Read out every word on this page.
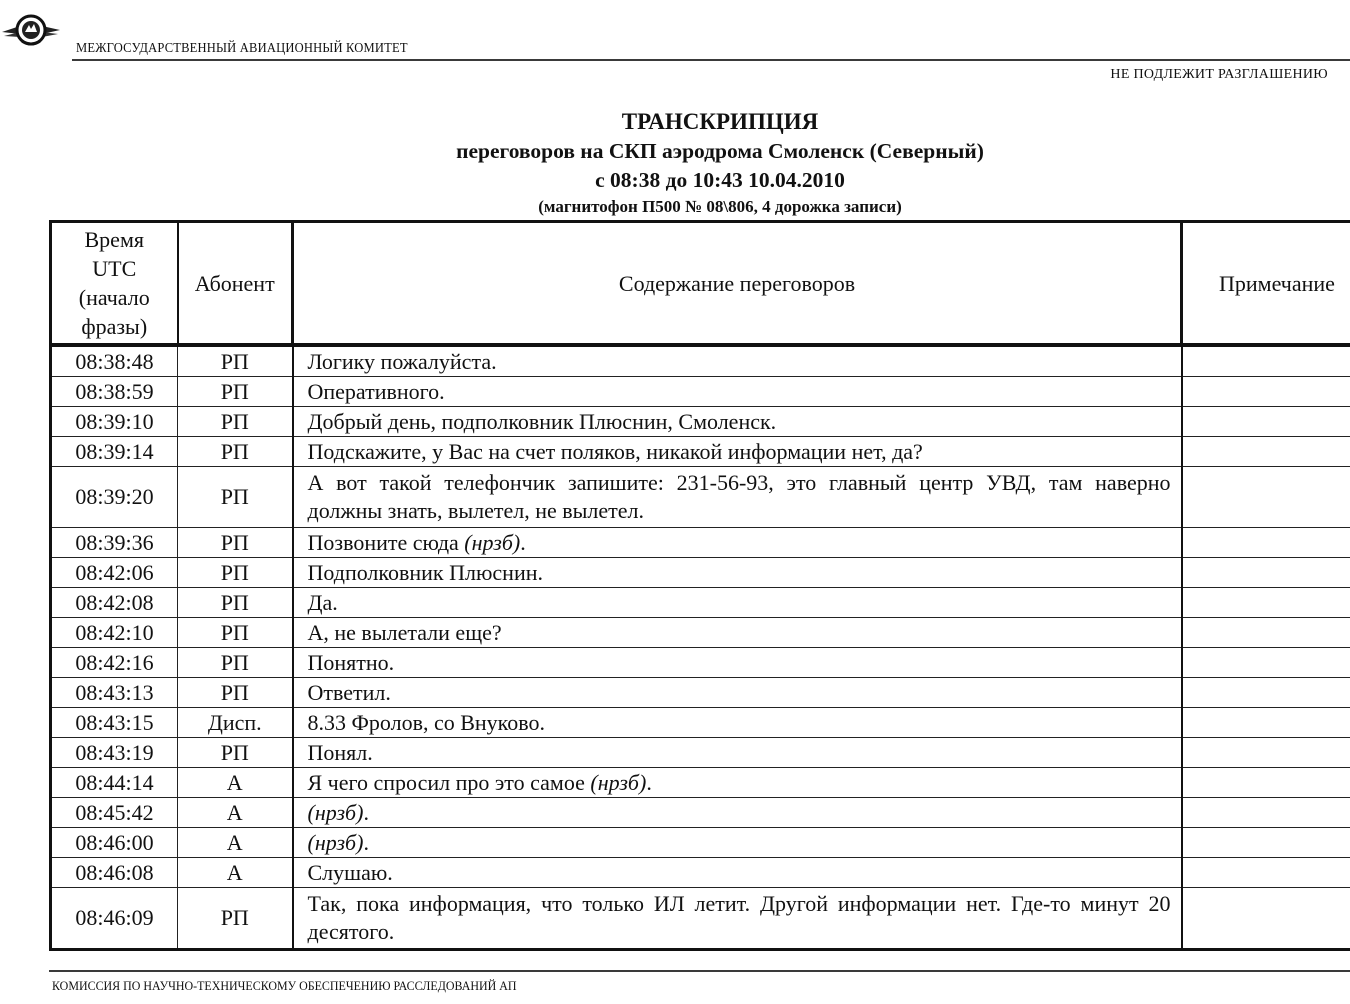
МЕЖГОСУДАРСТВЕННЫЙ АВИАЦИОННЫЙ КОМИТЕТ
НЕ ПОДЛЕЖИТ РАЗГЛАШЕНИЮ
ТРАНСКРИПЦИЯ
переговоров на СКП аэродрома Смоленск (Северный)
с 08:38 до 10:43 10.04.2010
(магнитофон П500 № 08\806, 4 дорожка записи)
Время
UTC
(начало
фразы)	Абонент	Содержание переговоров	Примечание
08:38:48	РП	Логику пожалуйста.	
08:38:59	РП	Оперативного.	
08:39:10	РП	Добрый день, подполковник Плюснин, Смоленск.	
08:39:14	РП	Подскажите, у Вас на счет поляков, никакой информации нет, да?	
08:39:20	РП	А вот такой телефончик запишите: 231-56-93, это главный центр УВД, там наверно должны знать, вылетел, не вылетел.	
08:39:36	РП	Позвоните сюда (нрзб).	
08:42:06	РП	Подполковник Плюснин.	
08:42:08	РП	Да.	
08:42:10	РП	А, не вылетали еще?	
08:42:16	РП	Понятно.	
08:43:13	РП	Ответил.	
08:43:15	Дисп.	8.33 Фролов, со Внуково.	
08:43:19	РП	Понял.	
08:44:14	А	Я чего спросил про это самое (нрзб).	
08:45:42	А	(нрзб).	
08:46:00	А	(нрзб).	
08:46:08	А	Слушаю.	
08:46:09	РП	Так, пока информация, что только ИЛ летит. Другой информации нет. Где-то минут 20 десятого.	
КОМИССИЯ ПО НАУЧНО-ТЕХНИЧЕСКОМУ ОБЕСПЕЧЕНИЮ РАССЛЕДОВАНИЙ АП
